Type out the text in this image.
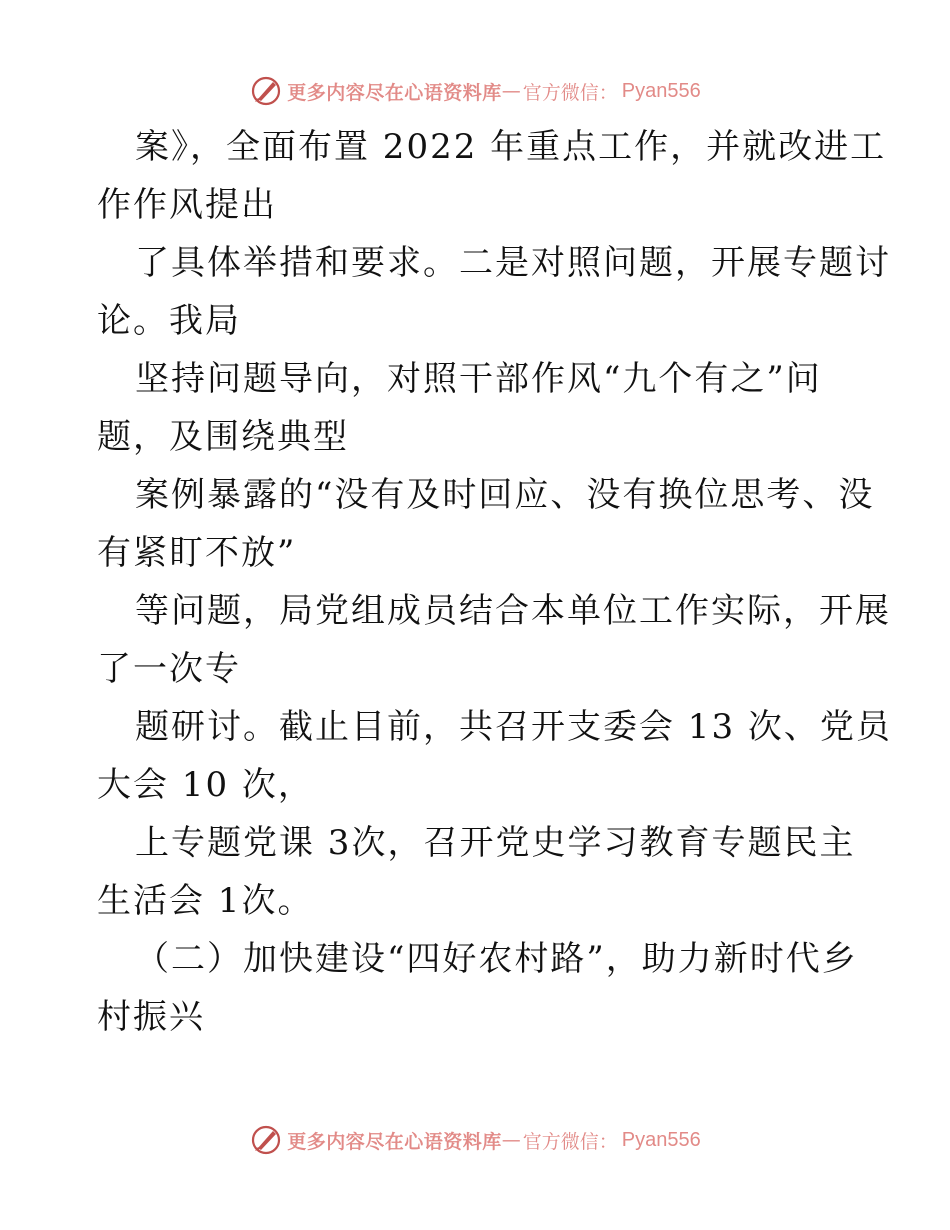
更多内容尽在心语资料库 — 官方微信： Pyan556

案》，全面布置 2022 年重点工作，并就改进工

作作风提出

了具体举措和要求。二是对照问题，开展专题讨

论。我局

坚持问题导向，对照干部作风“九个有之”问

题，及围绕典型

案例暴露的“没有及时回应、没有换位思考、没

有紧盯不放”

等问题，局党组成员结合本单位工作实际，开展

了一次专

题研讨。截止目前，共召开支委会 13 次、党员

大会 10 次，

上专题党课 3次，召开党史学习教育专题民主

生活会 1次。

（二）加快建设“四好农村路”，助力新时代乡

村振兴

更多内容尽在心语资料库 — 官方微信： Pyan556
